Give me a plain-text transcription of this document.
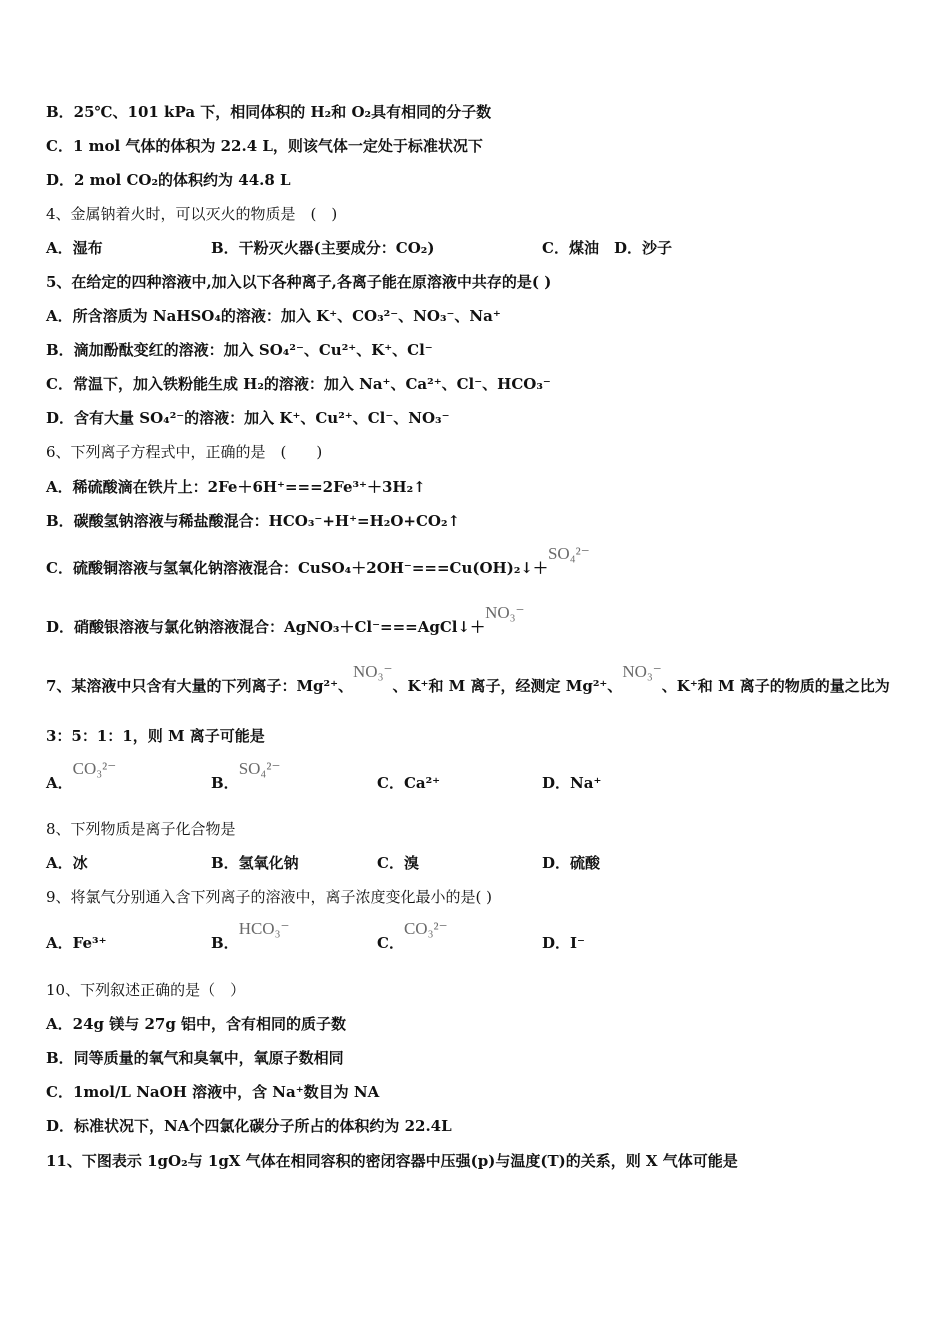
B．25℃、101 kPa 下，相同体积的 H₂和 O₂具有相同的分子数
C．1 mol 气体的体积为 22.4 L，则该气体一定处于标准状况下
D．2 mol CO₂的体积约为 44.8 L
4、金属钠着火时，可以灭火的物质是　(　)
A．湿布	B．干粉灭火器(主要成分：CO₂)	C．煤油　D．沙子
5、在给定的四种溶液中,加入以下各种离子,各离子能在原溶液中共存的是( )
A．所含溶质为 NaHSO₄的溶液：加入 K⁺、CO₃²⁻、NO₃⁻、Na⁺
B．滴加酚酞变红的溶液：加入 SO₄²⁻、Cu²⁺、K⁺、Cl⁻
C．常温下，加入铁粉能生成 H₂的溶液：加入 Na⁺、Ca²⁺、Cl⁻、HCO₃⁻
D．含有大量 SO₄²⁻的溶液：加入 K⁺、Cu²⁺、Cl⁻、NO₃⁻
6、下列离子方程式中，正确的是　(　　)
A．稀硫酸滴在铁片上：2Fe＋6H⁺===2Fe³⁺＋3H₂↑
B．碳酸氢钠溶液与稀盐酸混合：HCO₃⁻+H⁺=H₂O+CO₂↑
C．硫酸铜溶液与氢氧化钠溶液混合：CuSO₄＋2OH⁻===Cu(OH)₂↓＋SO₄²⁻
D．硝酸银溶液与氯化钠溶液混合：AgNO₃＋Cl⁻===AgCl↓＋NO₃⁻
7、某溶液中只含有大量的下列离子：Mg²⁺、NO₃⁻、K⁺和 M 离子，经测定 Mg²⁺、NO₃⁻、K⁺和 M 离子的物质的量之比为
3：5：1：1，则 M 离子可能是
A．CO₃²⁻
B．SO₄²⁻
C．Ca²⁺	D．Na⁺
8、下列物质是离子化合物是
A．冰	B．氢氧化钠	C．溴	D．硫酸
9、将氯气分别通入含下列离子的溶液中，离子浓度变化最小的是( )
A．Fe³⁺	B．HCO₃⁻
C．CO₃²⁻
D．I⁻
10、下列叙述正确的是（　）
A．24g 镁与 27g 铝中，含有相同的质子数
B．同等质量的氧气和臭氧中，氧原子数相同
C．1mol/L NaOH 溶液中，含 Na⁺数目为 NA
D．标准状况下，NA个四氯化碳分子所占的体积约为 22.4L
11、下图表示 1gO₂与 1gX 气体在相同容积的密闭容器中压强(p)与温度(T)的关系，则 X 气体可能是
